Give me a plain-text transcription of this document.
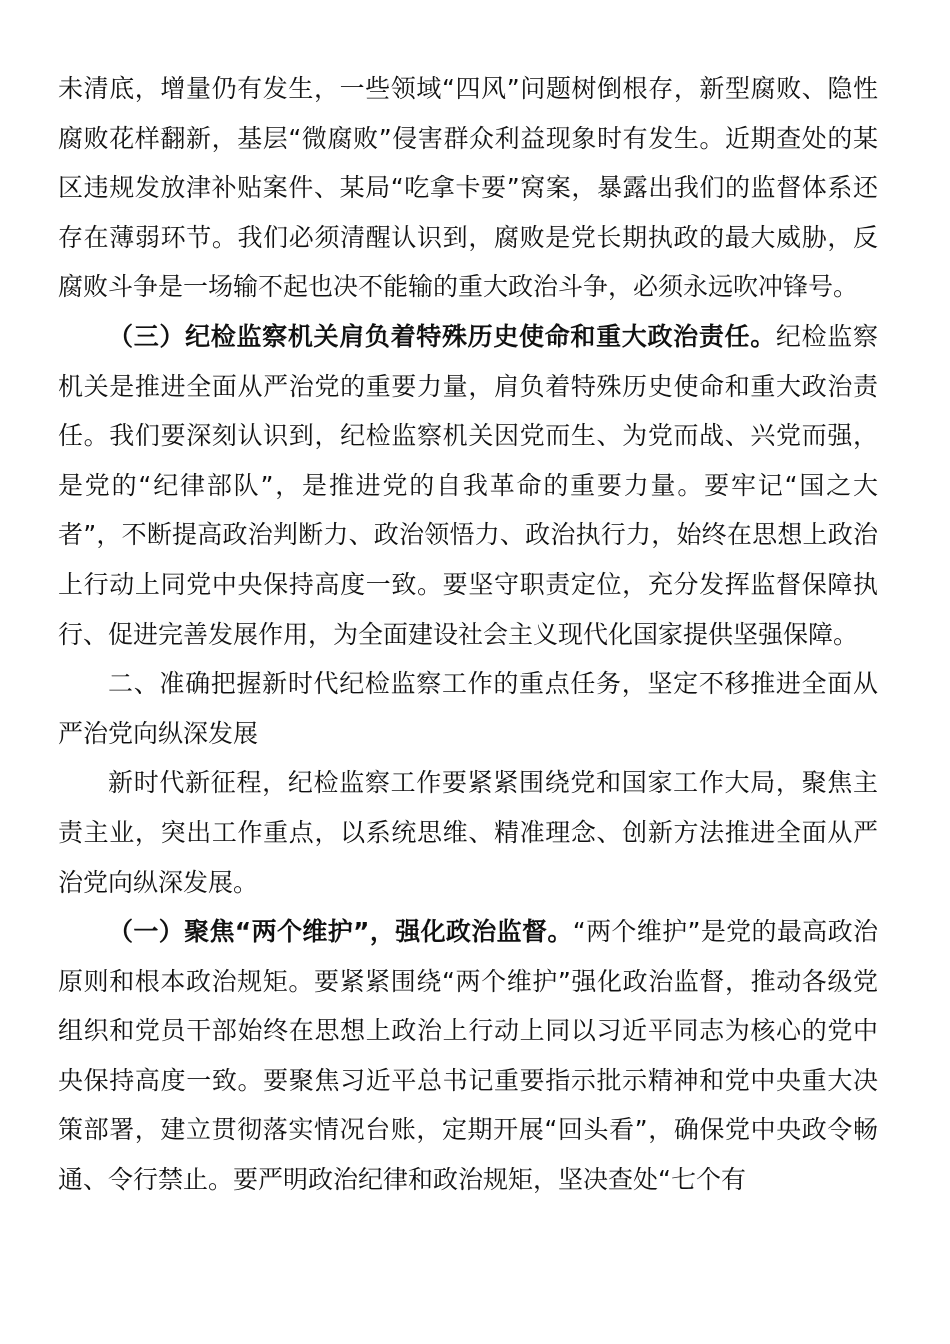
未清底，增量仍有发生，一些领域“四风”问题树倒根存，新型腐败、隐性腐败花样翻新，基层“微腐败”侵害群众利益现象时有发生。近期查处的某区违规发放津补贴案件、某局“吃拿卡要”窝案，暴露出我们的监督体系还存在薄弱环节。我们必须清醒认识到，腐败是党长期执政的最大威胁，反腐败斗争是一场输不起也决不能输的重大政治斗争，必须永远吹冲锋号。

（三）纪检监察机关肩负着特殊历史使命和重大政治责任。纪检监察机关是推进全面从严治党的重要力量，肩负着特殊历史使命和重大政治责任。我们要深刻认识到，纪检监察机关因党而生、为党而战、兴党而强，是党的“纪律部队”，是推进党的自我革命的重要力量。要牢记“国之大者”，不断提高政治判断力、政治领悟力、政治执行力，始终在思想上政治上行动上同党中央保持高度一致。要坚守职责定位，充分发挥监督保障执行、促进完善发展作用，为全面建设社会主义现代化国家提供坚强保障。

二、准确把握新时代纪检监察工作的重点任务，坚定不移推进全面从严治党向纵深发展

新时代新征程，纪检监察工作要紧紧围绕党和国家工作大局，聚焦主责主业，突出工作重点，以系统思维、精准理念、创新方法推进全面从严治党向纵深发展。

（一）聚焦“两个维护”，强化政治监督。“两个维护”是党的最高政治原则和根本政治规矩。要紧紧围绕“两个维护”强化政治监督，推动各级党组织和党员干部始终在思想上政治上行动上同以习近平同志为核心的党中央保持高度一致。要聚焦习近平总书记重要指示批示精神和党中央重大决策部署，建立贯彻落实情况台账，定期开展“回头看”，确保党中央政令畅通、令行禁止。要严明政治纪律和政治规矩，坚决查处“七个有
